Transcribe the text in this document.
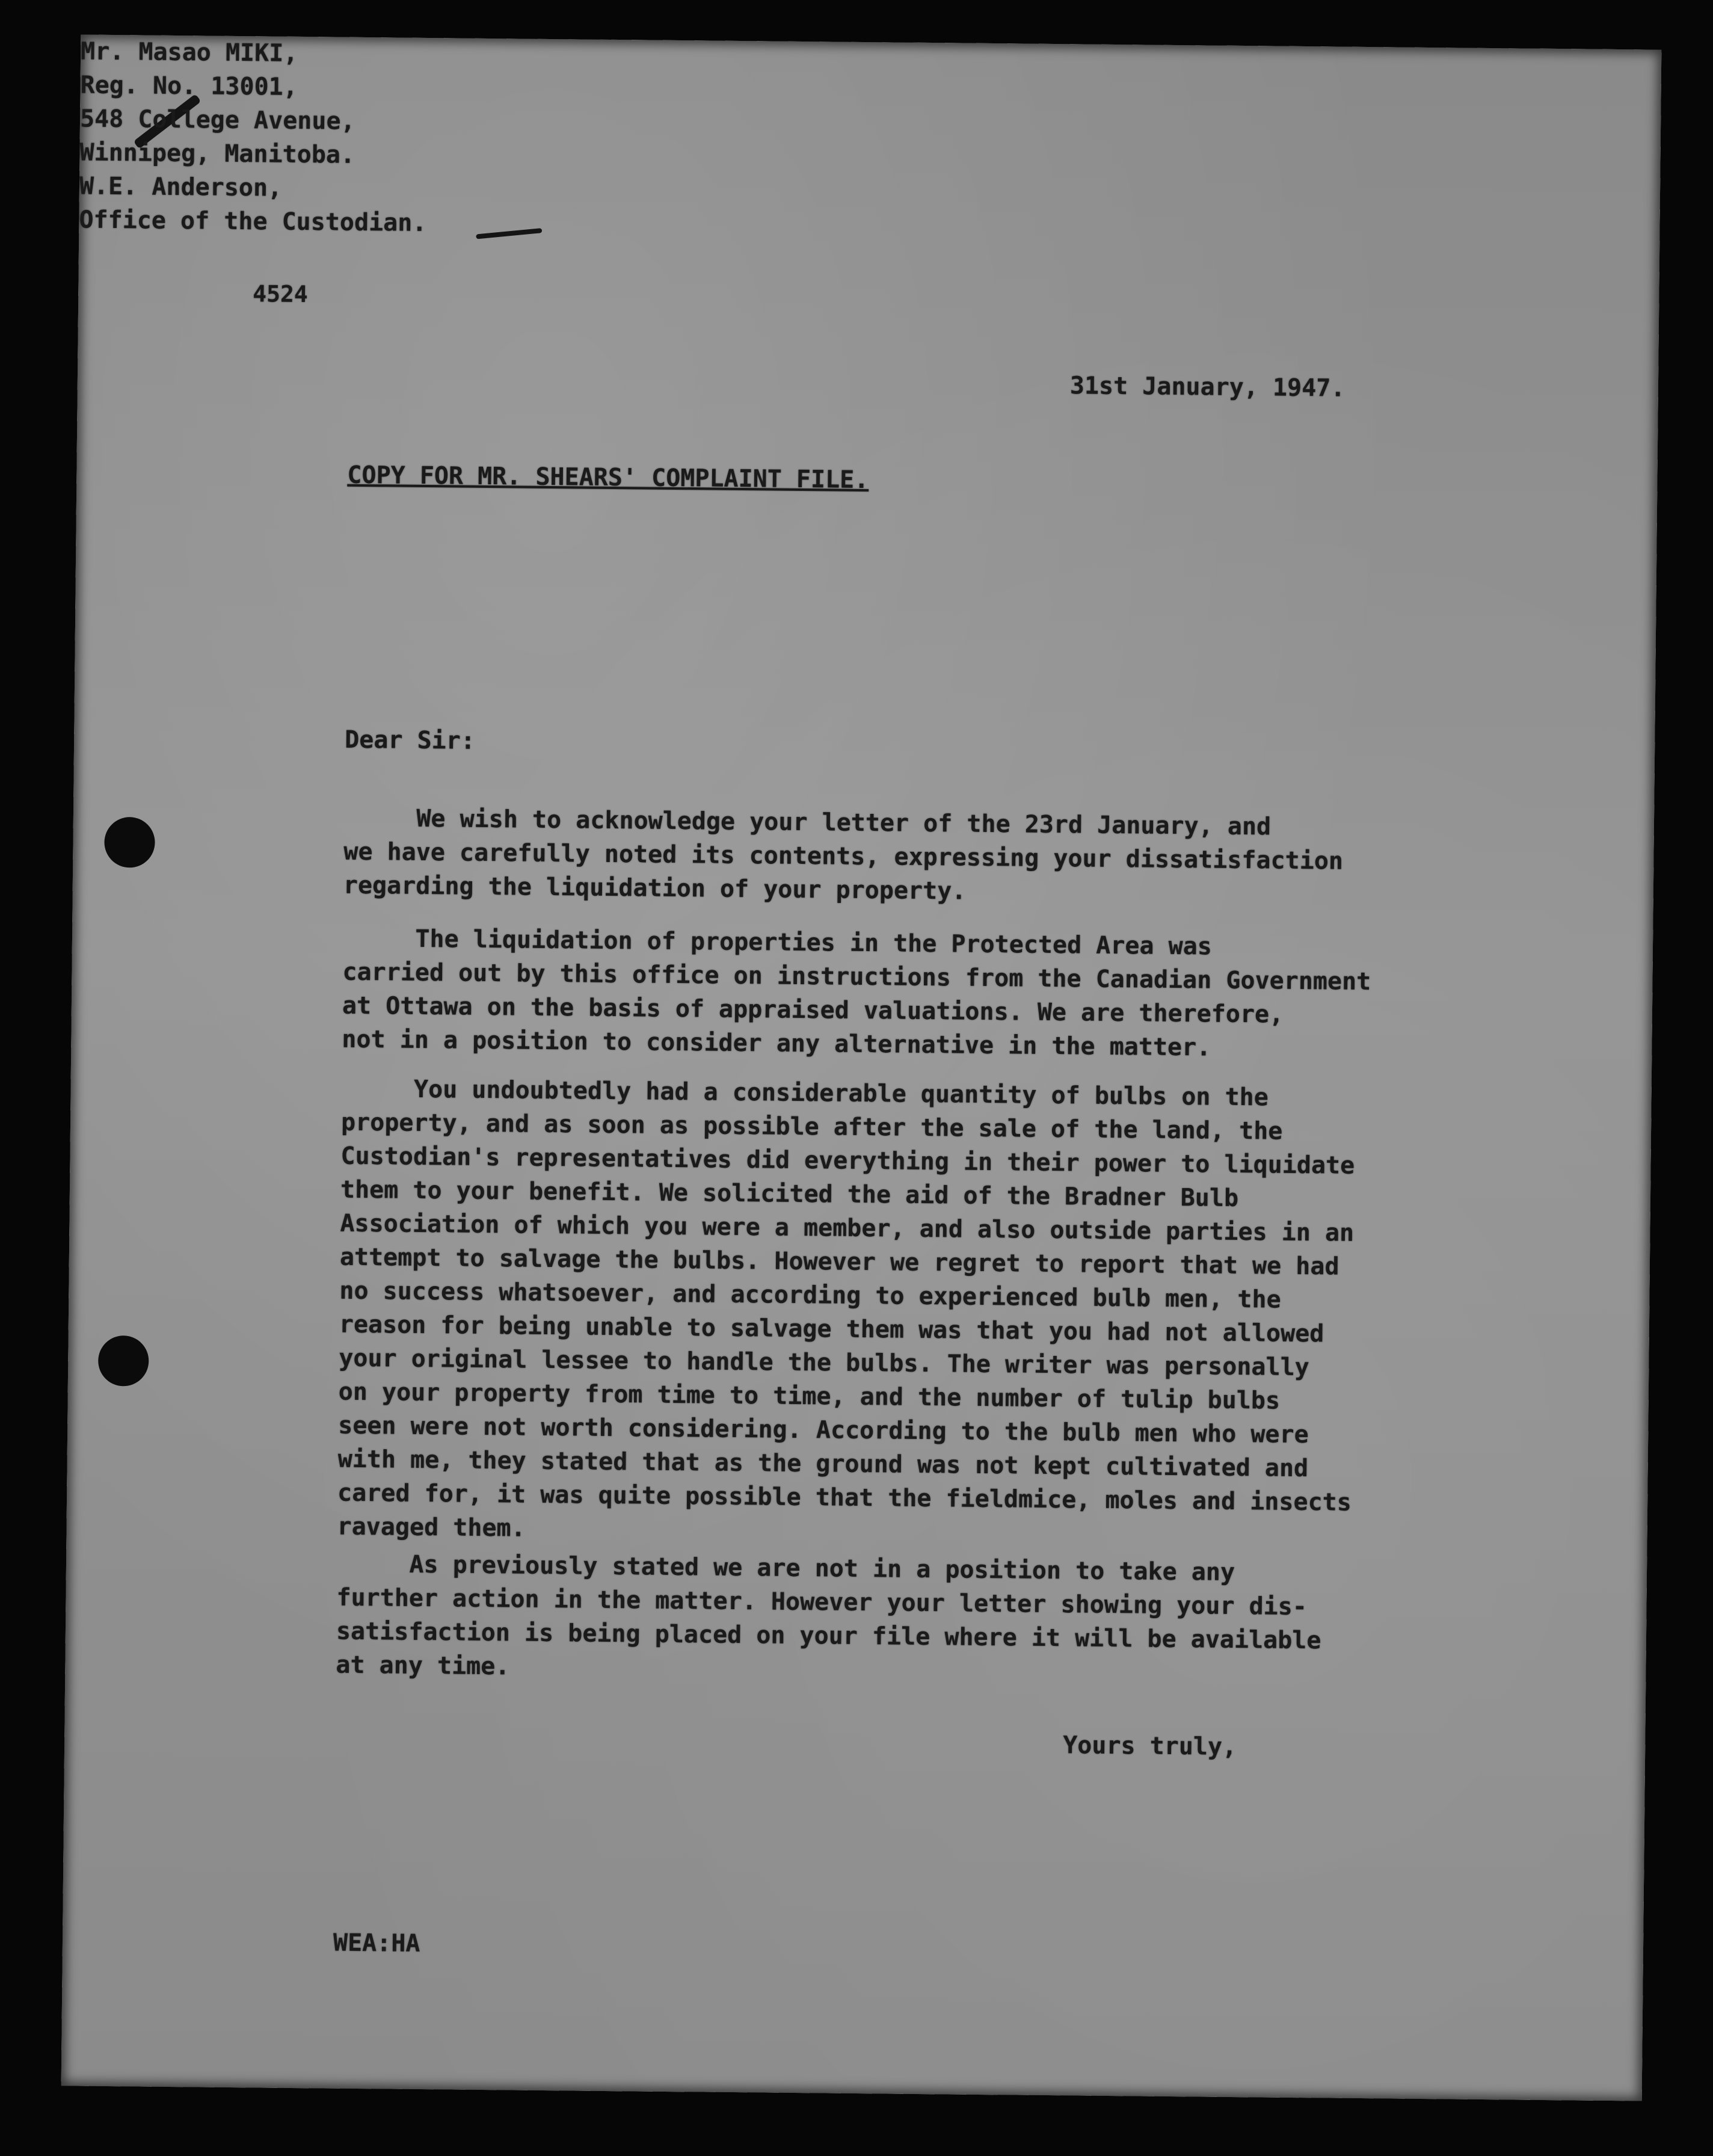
4524
31st January, 1947.
COPY FOR MR. SHEARS' COMPLAINT FILE.
Mr. Masao MIKI,
Reg. No. 13001,
548 College Avenue,
Winnipeg, Manitoba.
Dear Sir:
We wish to acknowledge your letter of the 23rd January, and
we have carefully noted its contents, expressing your dissatisfaction
regarding the liquidation of your property.
The liquidation of properties in the Protected Area was
carried out by this office on instructions from the Canadian Government
at Ottawa on the basis of appraised valuations. We are therefore,
not in a position to consider any alternative in the matter.
You undoubtedly had a considerable quantity of bulbs on the
property, and as soon as possible after the sale of the land, the
Custodian's representatives did everything in their power to liquidate
them to your benefit. We solicited the aid of the Bradner Bulb
Association of which you were a member, and also outside parties in an
attempt to salvage the bulbs. However we regret to report that we had
no success whatsoever, and according to experienced bulb men, the
reason for being unable to salvage them was that you had not allowed
your original lessee to handle the bulbs. The writer was personally
on your property from time to time, and the number of tulip bulbs
seen were not worth considering. According to the bulb men who were
with me, they stated that as the ground was not kept cultivated and
cared for, it was quite possible that the fieldmice, moles and insects
ravaged them.
As previously stated we are not in a position to take any
further action in the matter. However your letter showing your dis-
satisfaction is being placed on your file where it will be available
at any time.
Yours truly,
W.E. Anderson,
Office of the Custodian.
WEA:HA
